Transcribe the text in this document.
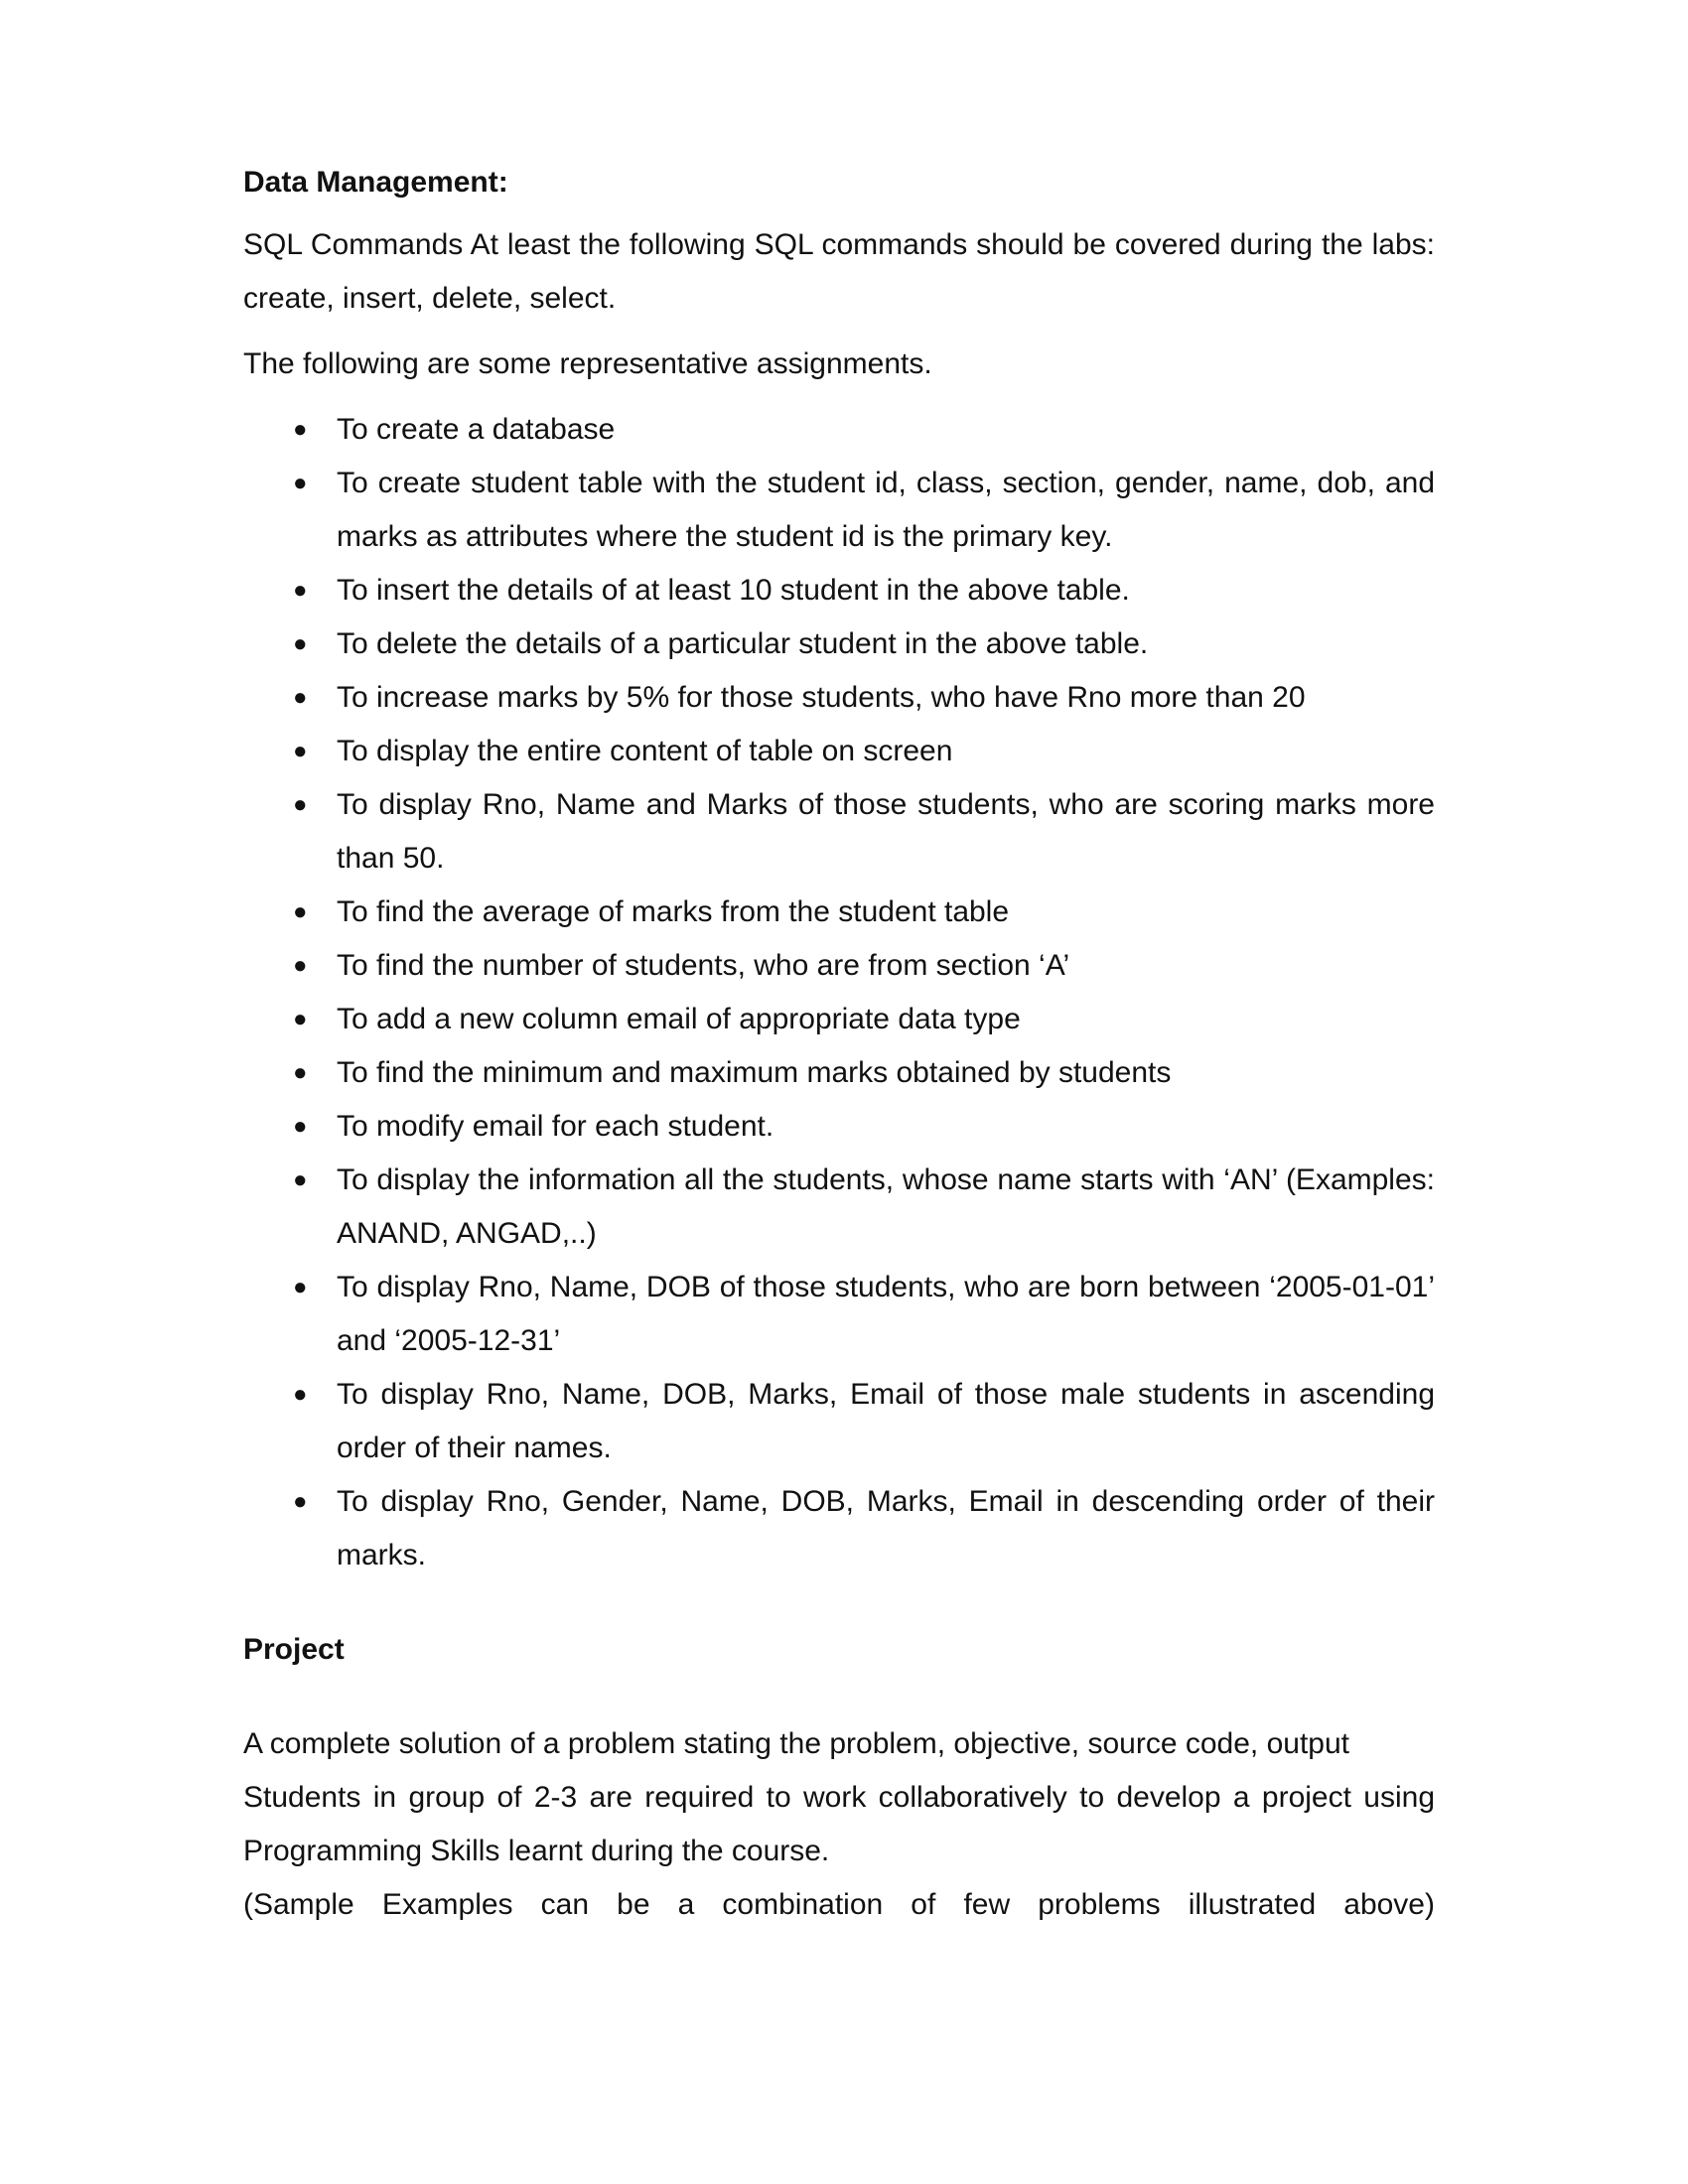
Data Management:

SQL Commands At least the following SQL commands should be covered during the labs: create, insert, delete, select.

The following are some representative assignments.

● To create a database
● To create student table with the student id, class, section, gender, name, dob, and marks as attributes where the student id is the primary key.
● To insert the details of at least 10 student in the above table.
● To delete the details of a particular student in the above table.
● To increase marks by 5% for those students, who have Rno more than 20
● To display the entire content of table on screen
● To display Rno, Name and Marks of those students, who are scoring marks more than 50.
● To find the average of marks from the student table
● To find the number of students, who are from section ‘A’
● To add a new column email of appropriate data type
● To find the minimum and maximum marks obtained by students
● To modify email for each student.
● To display the information all the students, whose name starts with ‘AN’ (Examples: ANAND, ANGAD,..)
● To display Rno, Name, DOB of those students, who are born between ‘2005-01-01’ and ‘2005-12-31’
● To display Rno, Name, DOB, Marks, Email of those male students in ascending order of their names.
● To display Rno, Gender, Name, DOB, Marks, Email in descending order of their marks.
Project

A complete solution of a problem stating the problem, objective, source code, output

Students in group of 2-3 are required to work collaboratively to develop a project using Programming Skills learnt during the course.

(Sample Examples can be a combination of few problems illustrated above)
